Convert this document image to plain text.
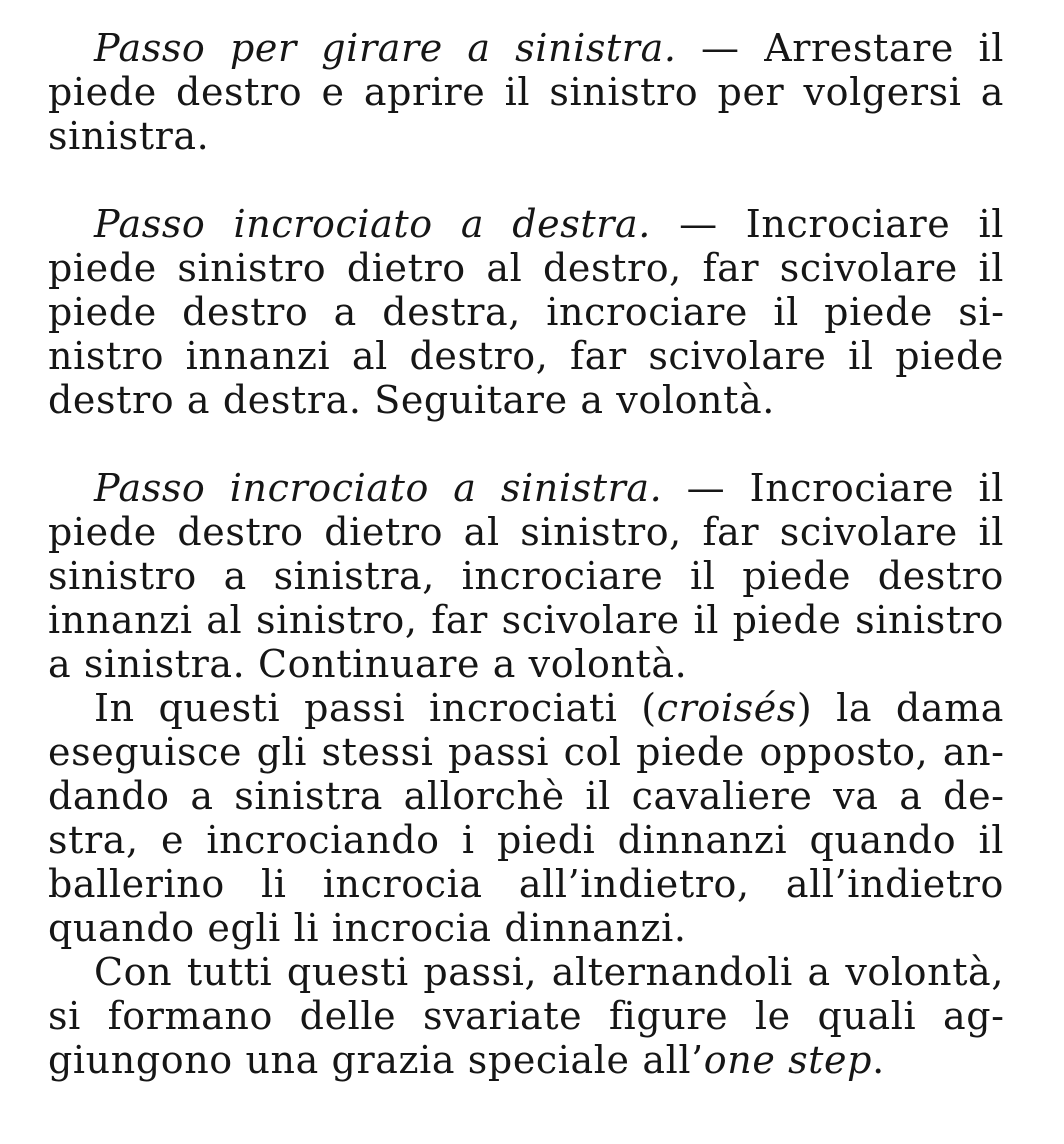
Passo per girare a sinistra. — Arrestare il piede destro e aprire il sinistro per volgersi a sinistra.

Passo incrociato a destra. — Incrociare il piede sinistro dietro al destro, far scivolare il piede destro a destra, incrociare il piede sinistro innanzi al destro, far scivolare il piede destro a destra. Seguitare a volontà.

Passo incrociato a sinistra. — Incrociare il piede destro dietro al sinistro, far scivolare il sinistro a sinistra, incrociare il piede destro innanzi al sinistro, far scivolare il piede sinistro a sinistra. Continuare a volontà.

In questi passi incrociati (croisés) la dama eseguisce gli stessi passi col piede opposto, andando a sinistra allorchè il cavaliere va a destra, e incrociando i piedi dinnanzi quando il ballerino li incrocia all’indietro, all’indietro quando egli li incrocia dinnanzi.

Con tutti questi passi, alternandoli a volontà, si formano delle svariate figure le quali aggiungono una grazia speciale all’one step.
